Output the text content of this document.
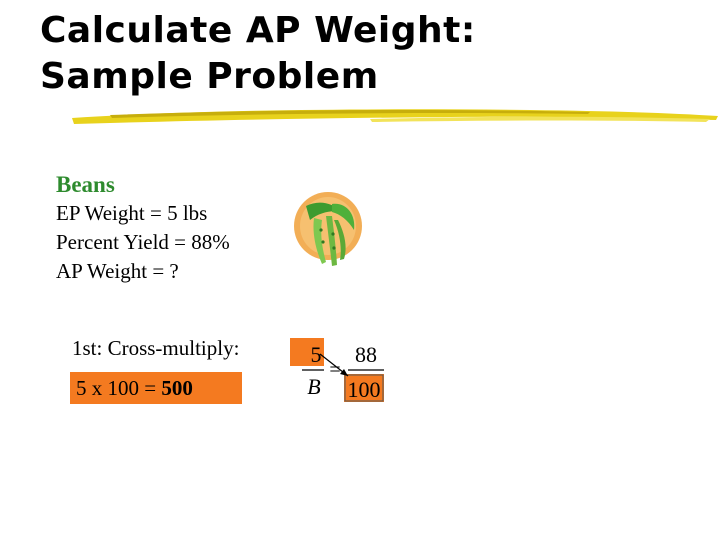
Calculate AP Weight:
Sample Problem
Beans
EP Weight = 5 lbs
Percent Yield = 88%
AP Weight = ?
1st: Cross-multiply:
5 x 100 = 500
5
B
=
88
100
